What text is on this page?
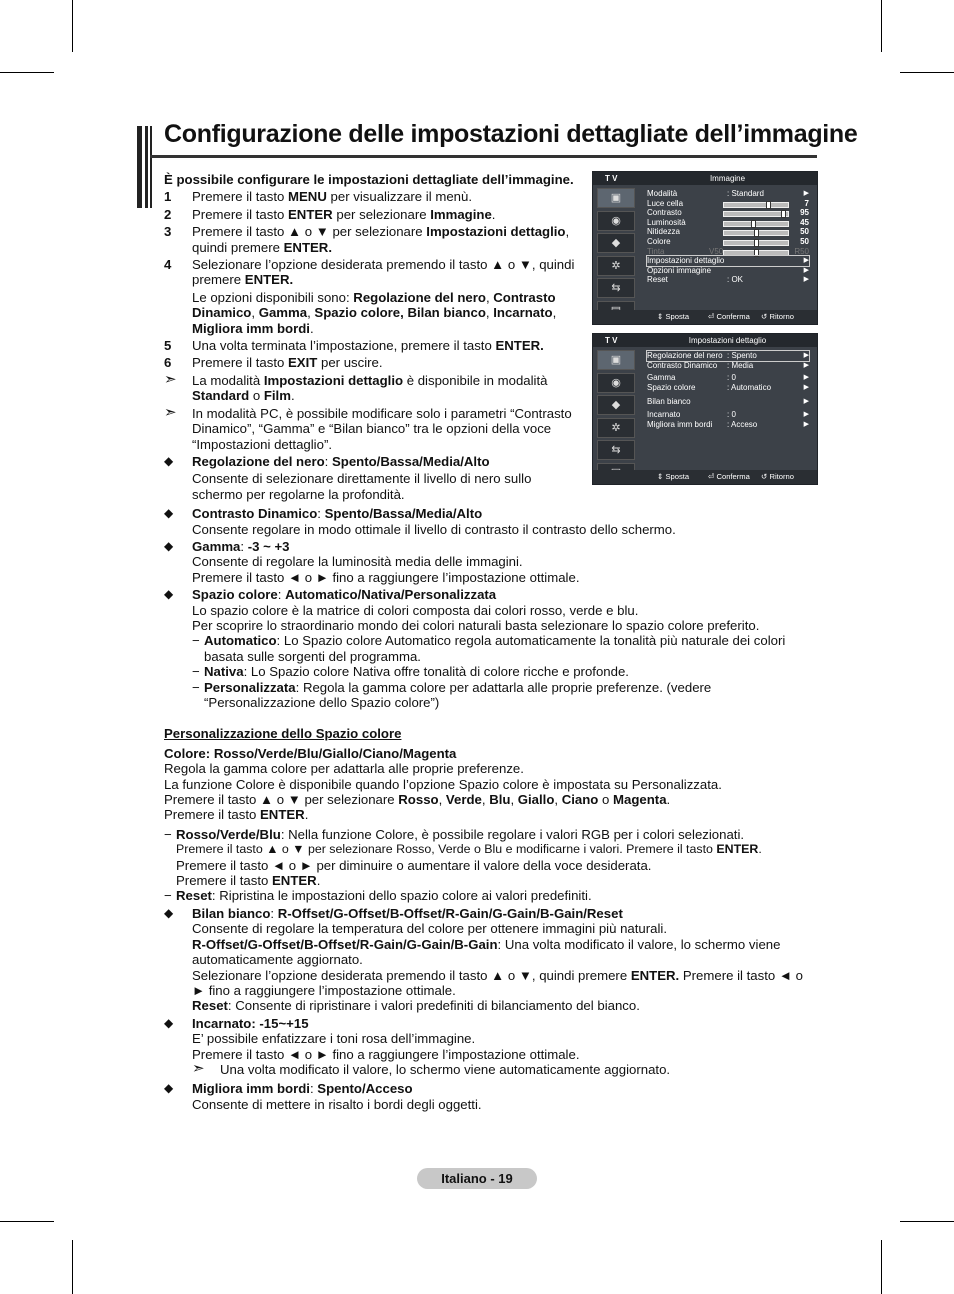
Configurazione delle impostazioni dettagliate dell’immagine
T V	Immagine
▣
◉
◆
✲
⇆
Modalità	: Standard	▶
Luce cella	7
Contrasto	95
Luminosità	45
Nitidezza	50
Colore	50
Tinta	V50	R50
Impostazioni dettaglio	▶
Opzioni immagine	▶
Reset	: OK	▶
⇕ Sposta ⏎ Conferma ↺ Ritorno
T V	Impostazioni dettaglio
▣
◉
◆
✲
⇆
Regolazione del nero : Spento	▶
Contrasto Dinamico : Media	▶
Gamma	: 0	▶
Spazio colore	: Automatico	▶
Bilan bianco	▶
Incarnato	: 0	▶
Migliora imm bordi : Acceso	▶
⇕ Sposta ⏎ Conferma ↺ Ritorno

È possibile configurare le impostazioni dettagliate dell’immagine.

1 Premere il tasto MENU per visualizzare il menù.
2 Premere il tasto ENTER per selezionare Immagine.
3 Premere il tasto ▲ o ▼ per selezionare Impostazioni dettaglio, quindi premere ENTER.
4 Selezionare l’opzione desiderata premendo il tasto ▲ o ▼, quindi premere ENTER.
Le opzioni disponibili sono: Regolazione del nero, Contrasto Dinamico, Gamma, Spazio colore, Bilan bianco, Incarnato, Migliora imm bordi.
5 Una volta terminata l’impostazione, premere il tasto ENTER.
6 Premere il tasto EXIT per uscire.
➣ La modalità Impostazioni dettaglio è disponibile in modalità Standard o Film.
➣ In modalità PC, è possibile modificare solo i parametri “Contrasto Dinamico”, “Gamma” e “Bilan bianco” tra le opzioni della voce “Impostazioni dettaglio”.
◆ Regolazione del nero: Spento/Bassa/Media/Alto
Consente di selezionare direttamente il livello di nero sullo schermo per regolarne la profondità.
◆ Contrasto Dinamico: Spento/Bassa/Media/Alto
Consente regolare in modo ottimale il livello di contrasto il contrasto dello schermo.
◆ Gamma: -3 ~ +3
Consente di regolare la luminosità media delle immagini.
Premere il tasto ◄ o ► fino a raggiungere l’impostazione ottimale.
◆ Spazio colore: Automatico/Nativa/Personalizzata
Lo spazio colore è la matrice di colori composta dai colori rosso, verde e blu.
Per scoprire lo straordinario mondo dei colori naturali basta selezionare lo spazio colore preferito.
− Automatico: Lo Spazio colore Automatico regola automaticamente la tonalità più naturale dei colori basata sulle sorgenti del programma.
− Nativa: Lo Spazio colore Nativa offre tonalità di colore ricche e profonde.
− Personalizzata: Regola la gamma colore per adattarla alle proprie preferenze. (vedere “Personalizzazione dello Spazio colore”)
Personalizzazione dello Spazio colore
Colore: Rosso/Verde/Blu/Giallo/Ciano/Magenta
Regola la gamma colore per adattarla alle proprie preferenze.
La funzione Colore è disponibile quando l’opzione Spazio colore è impostata su Personalizzata.
Premere il tasto ▲ o ▼ per selezionare Rosso, Verde, Blu, Giallo, Ciano o Magenta.
Premere il tasto ENTER.
− Rosso/Verde/Blu: Nella funzione Colore, è possibile regolare i valori RGB per i colori selezionati.
Premere il tasto ▲ o ▼ per selezionare Rosso, Verde o Blu e modificarne i valori. Premere il tasto ENTER.
Premere il tasto ◄ o ► per diminuire o aumentare il valore della voce desiderata.
Premere il tasto ENTER.
− Reset: Ripristina le impostazioni dello spazio colore ai valori predefiniti.
◆ Bilan bianco: R-Offset/G-Offset/B-Offset/R-Gain/G-Gain/B-Gain/Reset
Consente di regolare la temperatura del colore per ottenere immagini più naturali.
R-Offset/G-Offset/B-Offset/R-Gain/G-Gain/B-Gain: Una volta modificato il valore, lo schermo viene automaticamente aggiornato.
Selezionare l’opzione desiderata premendo il tasto ▲ o ▼, quindi premere ENTER. Premere il tasto ◄ o ► fino a raggiungere l’impostazione ottimale.
Reset: Consente di ripristinare i valori predefiniti di bilanciamento del bianco.
◆ Incarnato: -15~+15
E’ possibile enfatizzare i toni rosa dell’immagine.
Premere il tasto ◄ o ► fino a raggiungere l’impostazione ottimale.
➣ Una volta modificato il valore, lo schermo viene automaticamente aggiornato.
◆ Migliora imm bordi: Spento/Acceso
Consente di mettere in risalto i bordi degli oggetti.
Italiano - 19
